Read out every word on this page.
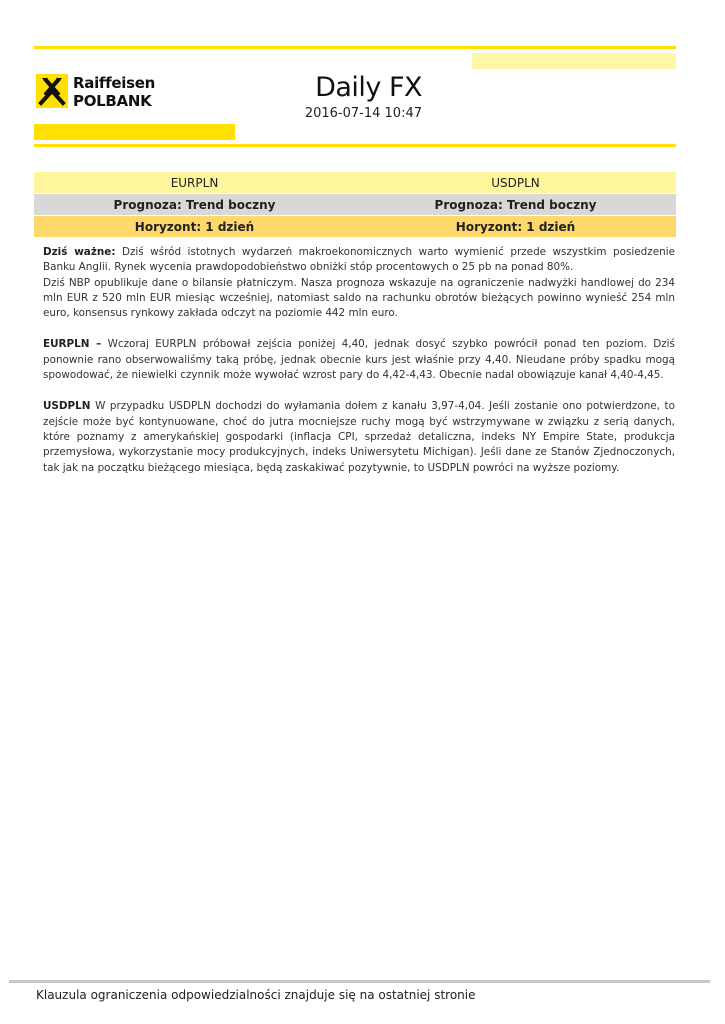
Raiffeisen
POLBANK	Daily FX
2016-07-14 10:47
EURPLN	USDPLN
Prognoza: Trend boczny	Prognoza: Trend boczny
Horyzont: 1 dzień	Horyzont: 1 dzień

Dziś ważne: Dziś wśród istotnych wydarzeń makroekonomicznych warto wymienić przede wszystkim posiedzenie Banku Anglii. Rynek wycenia prawdopodobieństwo obniżki stóp procentowych o 25 pb na ponad 80%.

Dziś NBP opublikuje dane o bilansie płatniczym. Nasza prognoza wskazuje na ograniczenie nadwyżki handlowej do 234 mln EUR z 520 mln EUR miesiąc wcześniej, natomiast saldo na rachunku obrotów bieżących powinno wynieść 254 mln euro, konsensus rynkowy zakłada odczyt na poziomie 442 mln euro.

EURPLN – Wczoraj EURPLN próbował zejścia poniżej 4,40, jednak dosyć szybko powrócił ponad ten poziom. Dziś ponownie rano obserwowaliśmy taką próbę, jednak obecnie kurs jest właśnie przy 4,40. Nieudane próby spadku mogą spowodować, że niewielki czynnik może wywołać wzrost pary do 4,42-4,43. Obecnie nadal obowiązuje kanał 4,40-4,45.

USDPLN W przypadku USDPLN dochodzi do wyłamania dołem z kanału 3,97-4,04. Jeśli zostanie ono potwierdzone, to zejście może być kontynuowane, choć do jutra mocniejsze ruchy mogą być wstrzymywane w związku z serią danych, które poznamy z amerykańskiej gospodarki (inflacja CPI, sprzedaż detaliczna, indeks NY Empire State, produkcja przemysłowa, wykorzystanie mocy produkcyjnych, indeks Uniwersytetu Michigan). Jeśli dane ze Stanów Zjednoczonych, tak jak na początku bieżącego miesiąca, będą zaskakiwać pozytywnie, to USDPLN powróci na wyższe poziomy.

Klauzula ograniczenia odpowiedzialności znajduje się na ostatniej stronie
